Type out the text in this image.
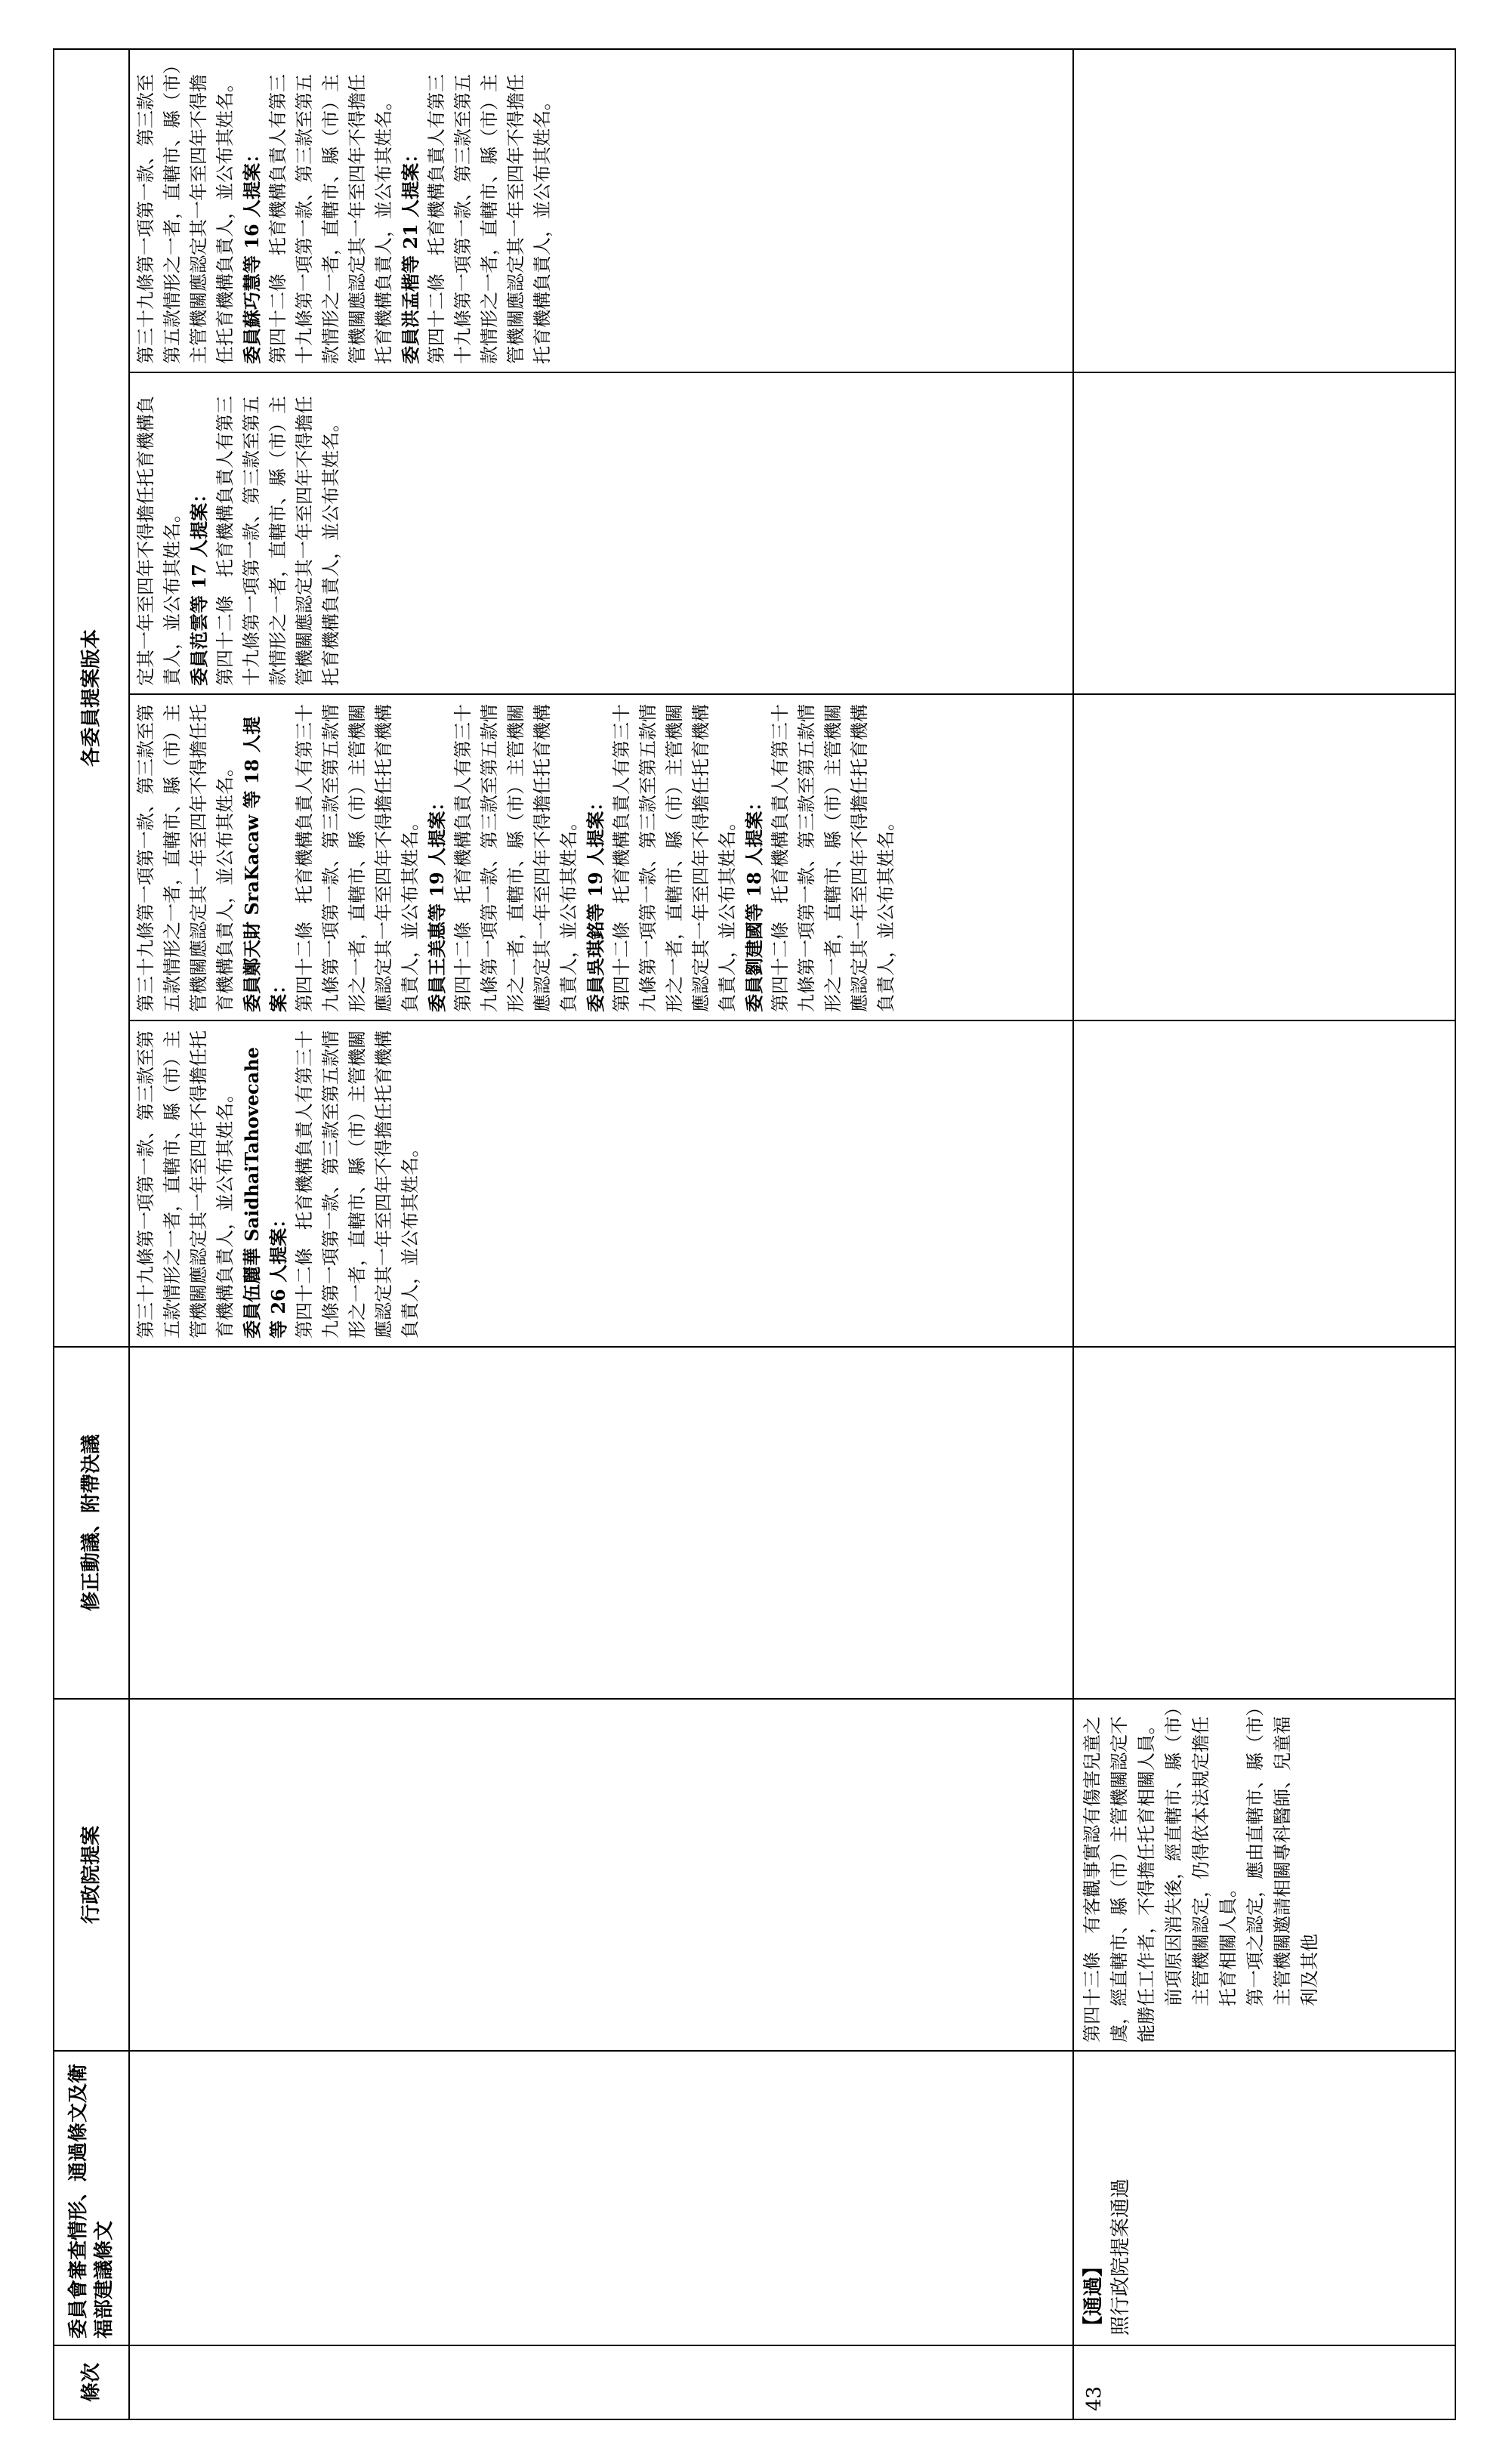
條次
委員會審查情形、通過條文及衛福部建議條文
行政院提案
修正動議、附帶決議
各委員提案版本

第三十九條第一項第一款、第三款至第五款情形之一者，直轄市、縣（市）主管機關應認定其一年至四年不得擔任托育機構負責人，並公布其姓名。 委員伍麗華 SaidhaiTahovecahe 等 26 人提案： 第四十二條　托育機構負責人有第三十九條第一項第一款、第三款至第五款情形之一者，直轄市、縣（市）主管機關應認定其一年至四年不得擔任托育機構負責人，並公布其姓名。

第三十九條第一項第一款、第三款至第五款情形之一者，直轄市、縣（市）主管機關應認定其一年至四年不得擔任托育機構負責人，並公布其姓名。 委員鄭天財 SraKacaw 等 18 人提案： 第四十二條　托育機構負責人有第三十九條第一項第一款、第三款至第五款情形之一者，直轄市、縣（市）主管機關應認定其一年至四年不得擔任托育機構負責人，並公布其姓名。 委員王美惠等 19 人提案： 第四十二條　托育機構負責人有第三十九條第一項第一款、第三款至第五款情形之一者，直轄市、縣（市）主管機關應認定其一年至四年不得擔任托育機構負責人，並公布其姓名。 委員吳琪銘等 19 人提案： 第四十二條　托育機構負責人有第三十九條第一項第一款、第三款至第五款情形之一者，直轄市、縣（市）主管機關應認定其一年至四年不得擔任托育機構負責人，並公布其姓名。 委員劉建國等 18 人提案： 第四十二條　托育機構負責人有第三十九條第一項第一款、第三款至第五款情形之一者，直轄市、縣（市）主管機關應認定其一年至四年不得擔任托育機構負責人，並公布其姓名。

定其一年至四年不得擔任托育機構負責人，並公布其姓名。 委員范雲等 17 人提案： 第四十二條　托育機構負責人有第三十九條第一項第一款、第三款至第五款情形之一者，直轄市、縣（市）主管機關應認定其一年至四年不得擔任托育機構負責人，並公布其姓名。

第三十九條第一項第一款、第三款至第五款情形之一者，直轄市、縣（市）主管機關應認定其一年至四年不得擔任托育機構負責人，並公布其姓名。 委員蘇巧慧等 16 人提案： 第四十二條　托育機構負責人有第三十九條第一項第一款、第三款至第五款情形之一者，直轄市、縣（市）主管機關應認定其一年至四年不得擔任托育機構負責人，並公布其姓名。 委員洪孟楷等 21 人提案： 第四十二條　托育機構負責人有第三十九條第一項第一款、第三款至第五款情形之一者，直轄市、縣（市）主管機關應認定其一年至四年不得擔任托育機構負責人，並公布其姓名。

43
【通過】 照行政院提案通過

第四十三條　有客觀事實認有傷害兒童之虞，經直轄市、縣（市）主管機關認定不能勝任工作者，不得擔任托育相關人員。 前項原因消失後，經直轄市、縣（市）主管機關認定，仍得依本法規定擔任托育相關人員。 第一項之認定，應由直轄市、縣（市）主管機關邀請相關專科醫師、兒童福利及其他
